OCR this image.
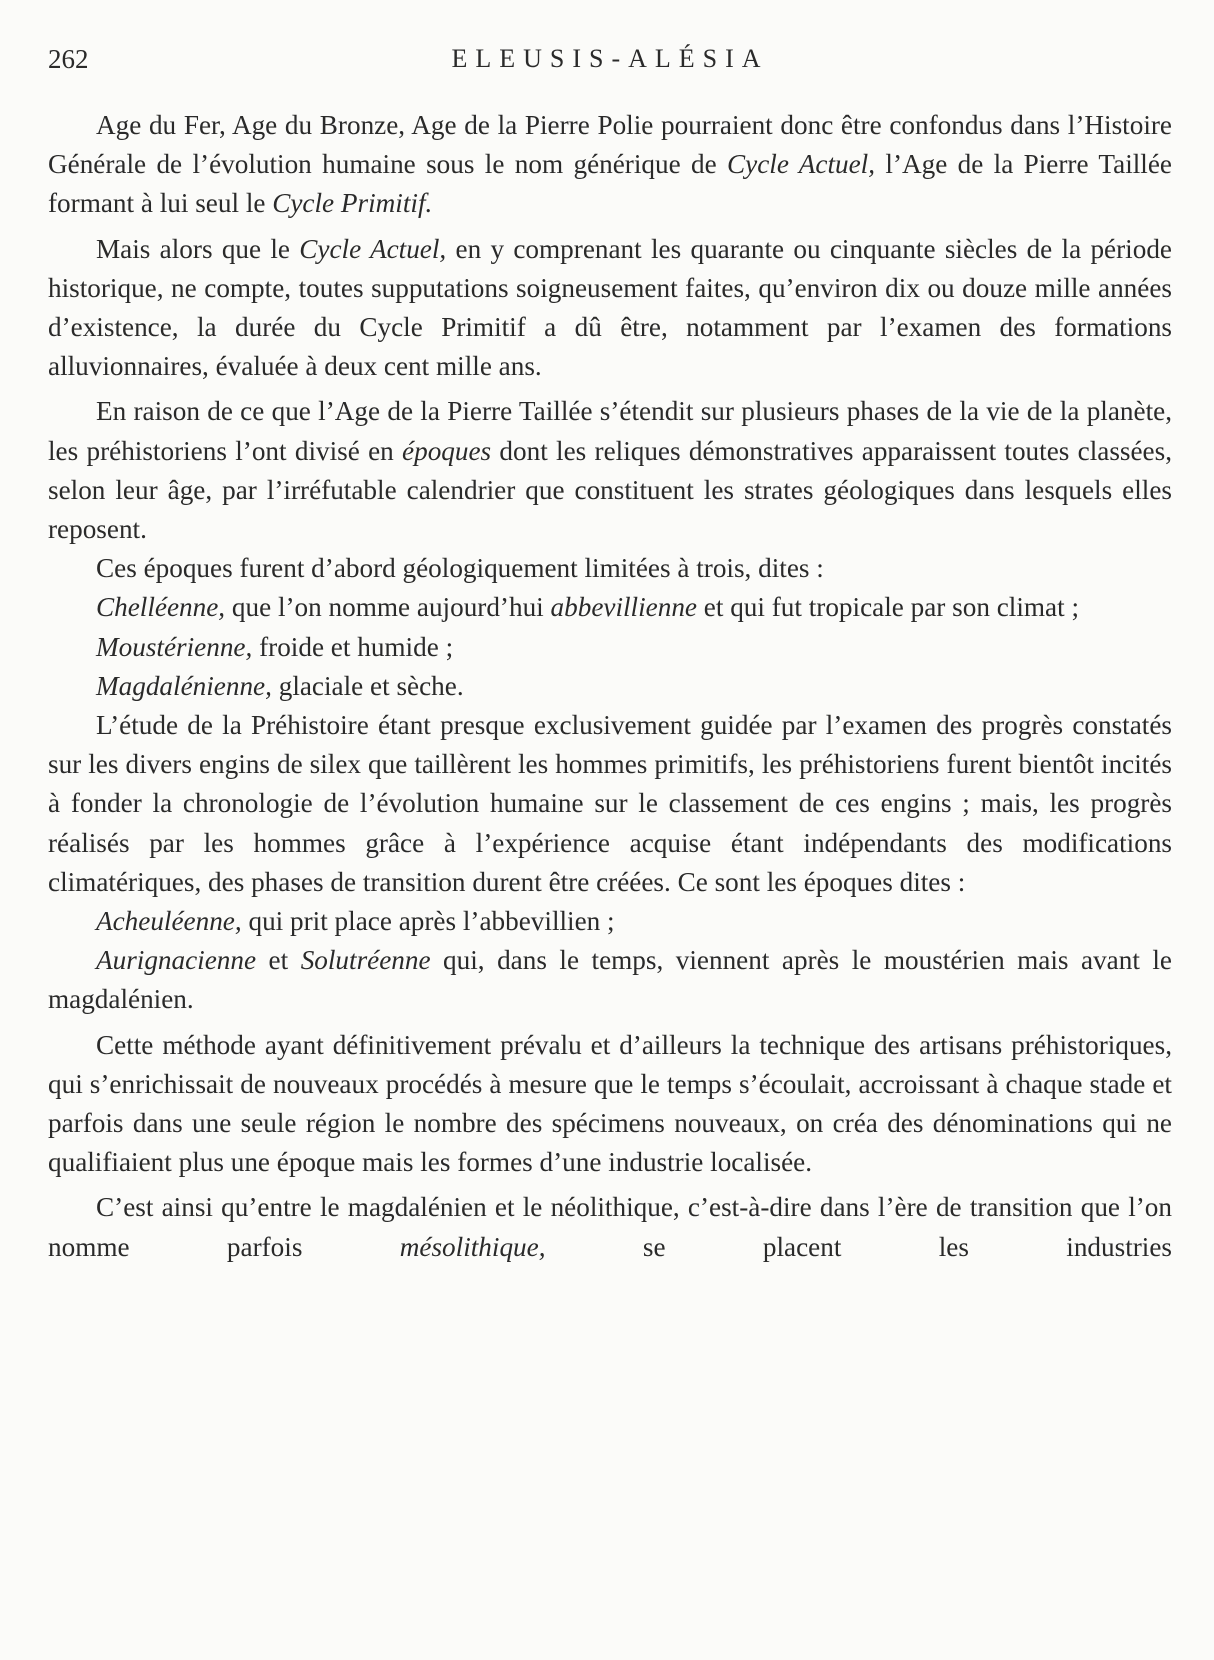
262	ELEUSIS-ALÉSIA

Age du Fer, Age du Bronze, Age de la Pierre Polie pourraient donc être confondus dans l’Histoire Générale de l’évolution humaine sous le nom générique de Cycle Actuel, l’Age de la Pierre Taillée formant à lui seul le Cycle Primitif.

Mais alors que le Cycle Actuel, en y comprenant les quarante ou cinquante siècles de la période historique, ne compte, toutes supputations soigneusement faites, qu’environ dix ou douze mille années d’existence, la durée du Cycle Primitif a dû être, notamment par l’examen des formations alluvionnaires, évaluée à deux cent mille ans.

En raison de ce que l’Age de la Pierre Taillée s’étendit sur plusieurs phases de la vie de la planète, les préhistoriens l’ont divisé en époques dont les reliques démonstratives apparaissent toutes classées, selon leur âge, par l’irréfutable calendrier que constituent les strates géologiques dans lesquels elles reposent.

Ces époques furent d’abord géologiquement limitées à trois, dites :

Chelléenne, que l’on nomme aujourd’hui abbevillienne et qui fut tropicale par son climat ;

Moustérienne, froide et humide ;

Magdalénienne, glaciale et sèche.

L’étude de la Préhistoire étant presque exclusivement guidée par l’examen des progrès constatés sur les divers engins de silex que taillèrent les hommes primitifs, les préhistoriens furent bientôt incités à fonder la chronologie de l’évolution humaine sur le classement de ces engins ; mais, les progrès réalisés par les hommes grâce à l’expérience acquise étant indépendants des modifications climatériques, des phases de transition durent être créées. Ce sont les époques dites :

Acheuléenne, qui prit place après l’abbevillien ;

Aurignacienne et Solutréenne qui, dans le temps, viennent après le moustérien mais avant le magdalénien.

Cette méthode ayant définitivement prévalu et d’ailleurs la technique des artisans préhistoriques, qui s’enrichissait de nouveaux procédés à mesure que le temps s’écoulait, accroissant à chaque stade et parfois dans une seule région le nombre des spécimens nouveaux, on créa des dénominations qui ne qualifiaient plus une époque mais les formes d’une industrie localisée.

C’est ainsi qu’entre le magdalénien et le néolithique, c’est-à-dire dans l’ère de transition que l’on nomme parfois mésolithique, se placent les industries
